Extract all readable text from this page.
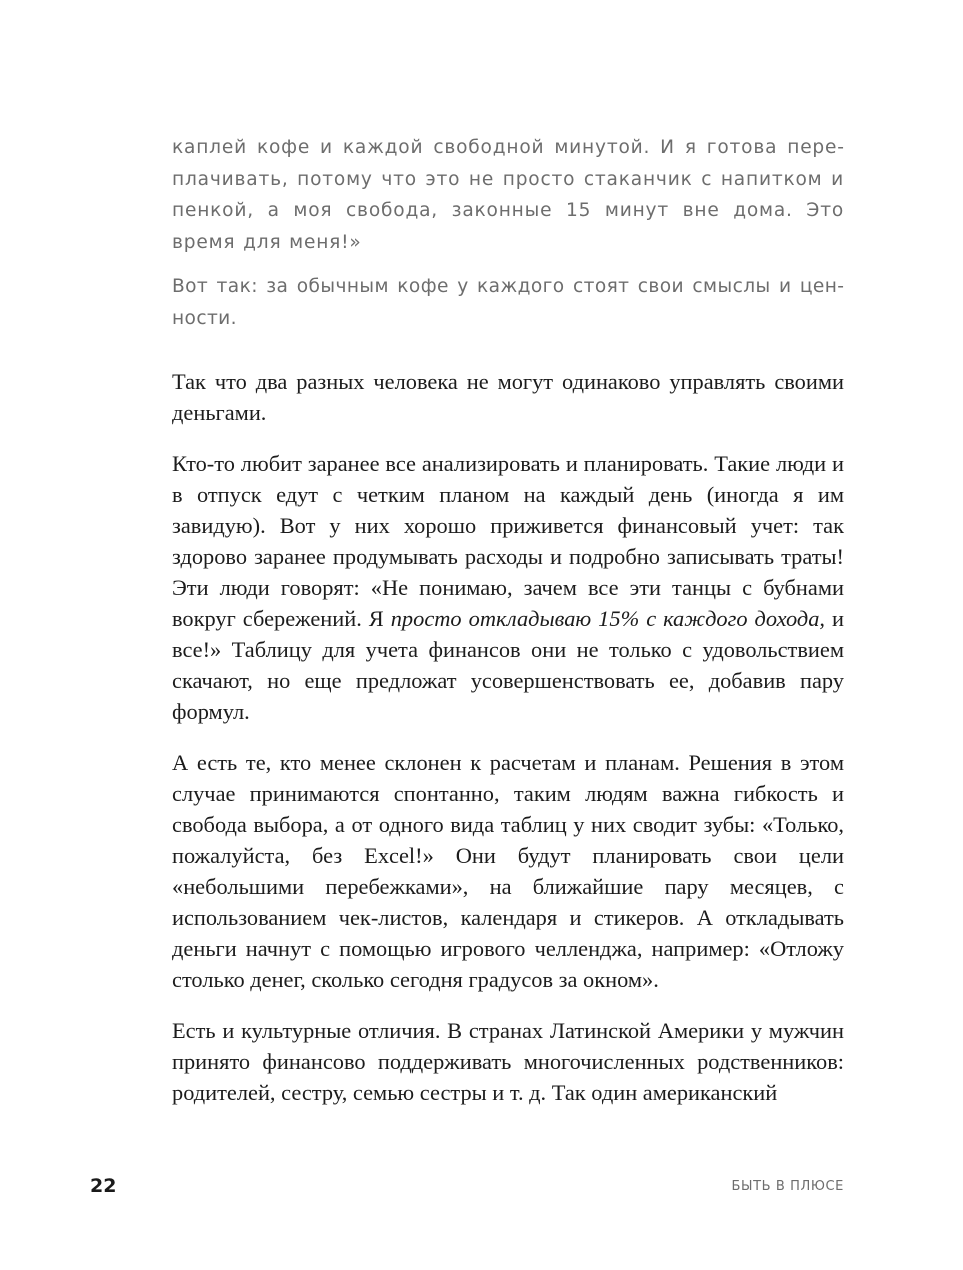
каплей кофе и каждой свободной минутой. И я готова переплачивать, потому что это не просто стаканчик с напитком и пенкой, а моя свобода, законные 15 минут вне дома. Это время для меня!»

Вот так: за обычным кофе у каждого стоят свои смыслы и ценности.

Так что два разных человека не могут одинаково управлять своими деньгами.

Кто-то любит заранее все анализировать и планировать. Такие люди и в отпуск едут с четким планом на каждый день (иногда я им завидую). Вот у них хорошо приживется финансовый учет: так здорово заранее продумывать расходы и подробно записывать траты! Эти люди говорят: «Не понимаю, зачем все эти танцы с бубнами вокруг сбережений. Я просто откладываю 15% с каждого дохода, и все!» Таблицу для учета финансов они не только с удовольствием скачают, но еще предложат усовершенствовать ее, добавив пару формул.

А есть те, кто менее склонен к расчетам и планам. Решения в этом случае принимаются спонтанно, таким людям важна гибкость и свобода выбора, а от одного вида таблиц у них сводит зубы: «Только, пожалуйста, без Excel!» Они будут планировать свои цели «небольшими перебежками», на ближайшие пару месяцев, с использованием чек-листов, календаря и стикеров. А откладывать деньги начнут с помощью игрового челленджа, например: «Отложу столько денег, сколько сегодня градусов за окном».

Есть и культурные отличия. В странах Латинской Америки у мужчин принято финансово поддерживать многочисленных родственников: родителей, сестру, семью сестры и т. д. Так один американский

22	БЫТЬ В ПЛЮСЕ
